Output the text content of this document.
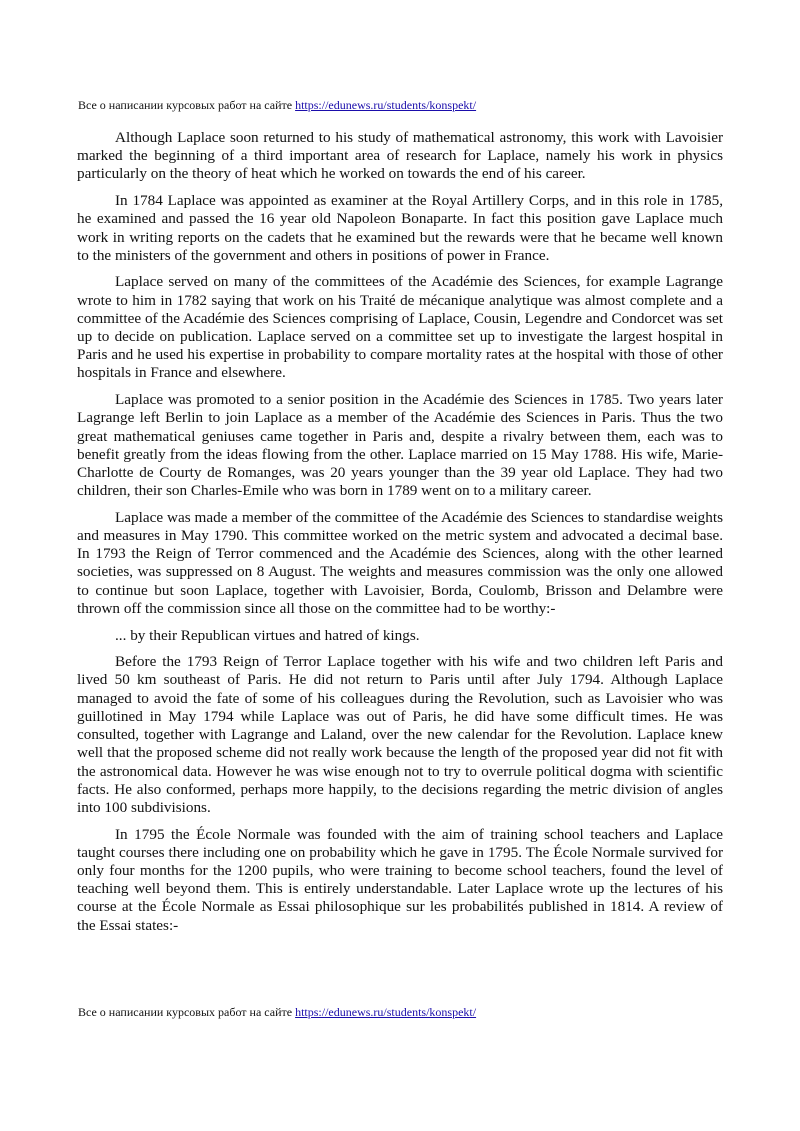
Все о написании курсовых работ на сайте https://edunews.ru/students/konspekt/

Although Laplace soon returned to his study of mathematical astronomy, this work with Lavoisier marked the beginning of a third important area of research for Laplace, namely his work in physics particularly on the theory of heat which he worked on towards the end of his career.

In 1784 Laplace was appointed as examiner at the Royal Artillery Corps, and in this role in 1785, he examined and passed the 16 year old Napoleon Bonaparte. In fact this position gave Laplace much work in writing reports on the cadets that he examined but the rewards were that he became well known to the ministers of the government and others in positions of power in France.

Laplace served on many of the committees of the Académie des Sciences, for example Lagrange wrote to him in 1782 saying that work on his Traité de mécanique analytique was almost complete and a committee of the Académie des Sciences comprising of Laplace, Cousin, Legendre and Condorcet was set up to decide on publication. Laplace served on a committee set up to investigate the largest hospital in Paris and he used his expertise in probability to compare mortality rates at the hospital with those of other hospitals in France and elsewhere.

Laplace was promoted to a senior position in the Académie des Sciences in 1785. Two years later Lagrange left Berlin to join Laplace as a member of the Académie des Sciences in Paris. Thus the two great mathematical geniuses came together in Paris and, despite a rivalry between them, each was to benefit greatly from the ideas flowing from the other. Laplace married on 15 May 1788. His wife, Marie-Charlotte de Courty de Romanges, was 20 years younger than the 39 year old Laplace. They had two children, their son Charles-Emile who was born in 1789 went on to a military career.

Laplace was made a member of the committee of the Académie des Sciences to standardise weights and measures in May 1790. This committee worked on the metric system and advocated a decimal base. In 1793 the Reign of Terror commenced and the Académie des Sciences, along with the other learned societies, was suppressed on 8 August. The weights and measures commission was the only one allowed to continue but soon Laplace, together with Lavoisier, Borda, Coulomb, Brisson and Delambre were thrown off the commission since all those on the committee had to be worthy:-

... by their Republican virtues and hatred of kings.

Before the 1793 Reign of Terror Laplace together with his wife and two children left Paris and lived 50 km southeast of Paris. He did not return to Paris until after July 1794. Although Laplace managed to avoid the fate of some of his colleagues during the Revolution, such as Lavoisier who was guillotined in May 1794 while Laplace was out of Paris, he did have some difficult times. He was consulted, together with Lagrange and Laland, over the new calendar for the Revolution. Laplace knew well that the proposed scheme did not really work because the length of the proposed year did not fit with the astronomical data. However he was wise enough not to try to overrule political dogma with scientific facts. He also conformed, perhaps more happily, to the decisions regarding the metric division of angles into 100 subdivisions.

In 1795 the École Normale was founded with the aim of training school teachers and Laplace taught courses there including one on probability which he gave in 1795. The École Normale survived for only four months for the 1200 pupils, who were training to become school teachers, found the level of teaching well beyond them. This is entirely understandable. Later Laplace wrote up the lectures of his course at the École Normale as Essai philosophique sur les probabilités published in 1814. A review of the Essai states:-

Все о написании курсовых работ на сайте https://edunews.ru/students/konspekt/
